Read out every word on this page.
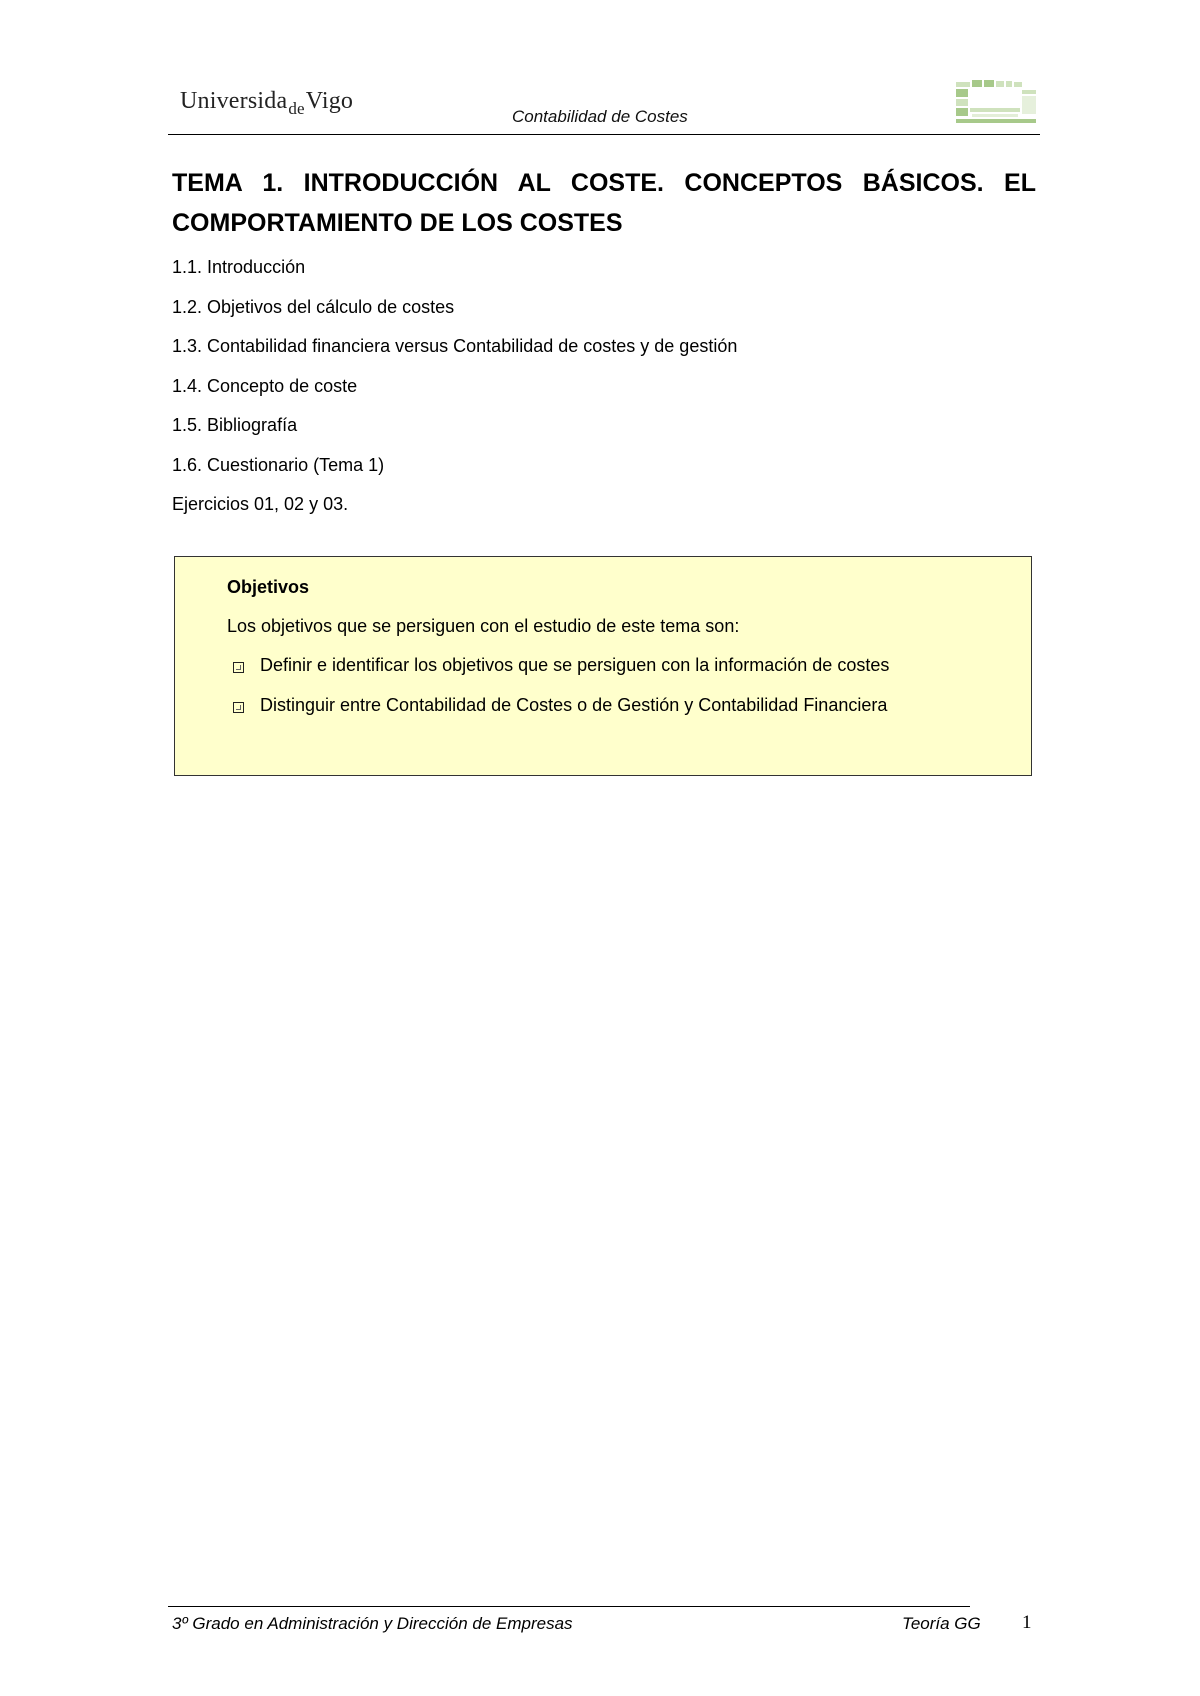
Universida$_{de}$Vigo
Contabilidad de Costes
TEMA 1. INTRODUCCIÓN AL COSTE. CONCEPTOS BÁSICOS. EL COMPORTAMIENTO DE LOS COSTES
1.1. Introducción
1.2. Objetivos del cálculo de costes
1.3. Contabilidad financiera versus Contabilidad de costes y de gestión
1.4. Concepto de coste
1.5. Bibliografía
1.6. Cuestionario (Tema 1)
Ejercicios 01, 02 y 03.
Objetivos
Los objetivos que se persiguen con el estudio de este tema son:
Definir e identificar los objetivos que se persiguen con la información de costes
Distinguir entre Contabilidad de Costes o de Gestión y Contabilidad Financiera
3º Grado en Administración y Dirección de Empresas	Teoría GG 1
